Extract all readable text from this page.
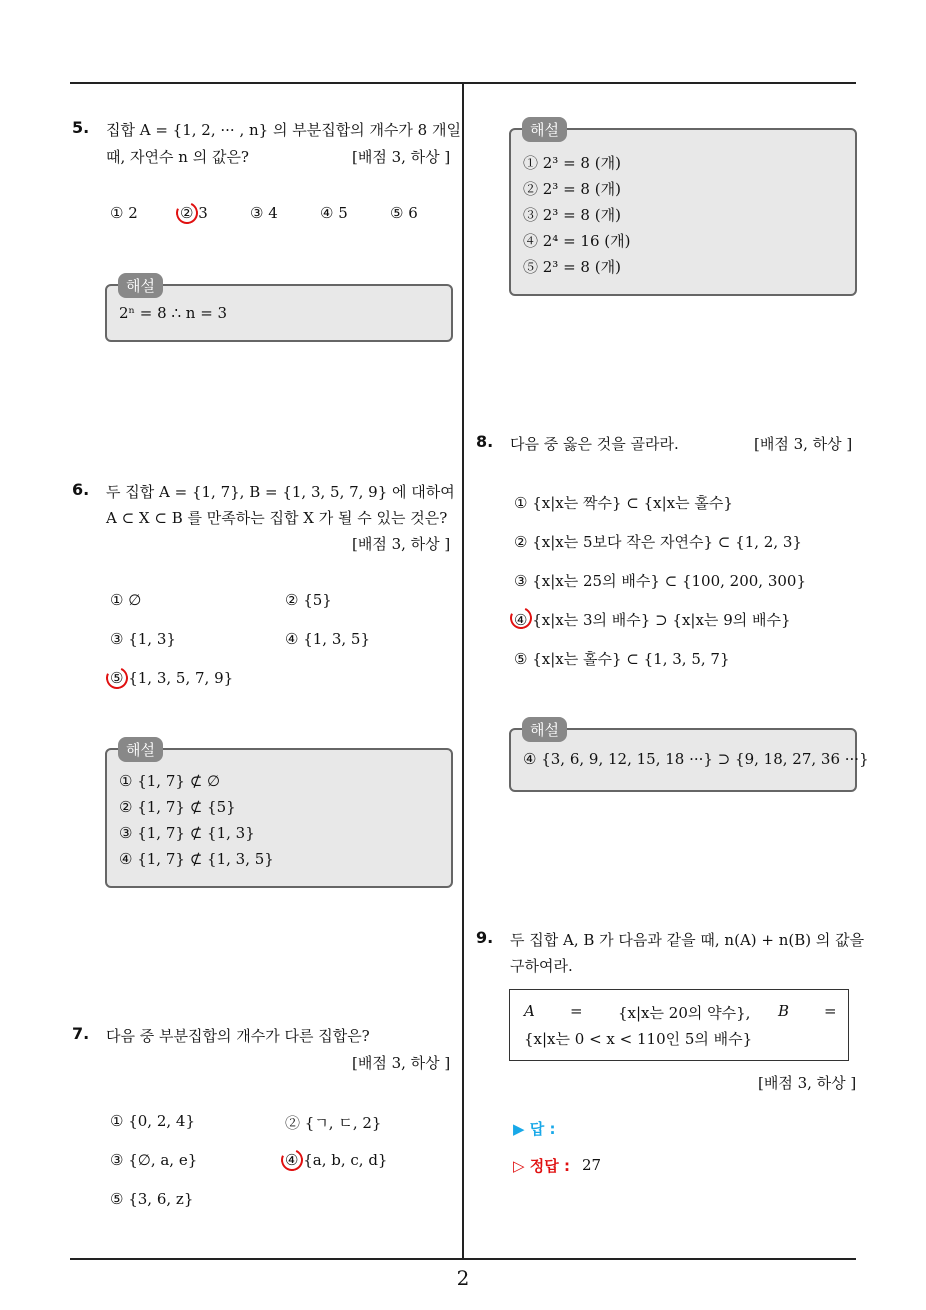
5. 집합 A = {1, 2, ··· , n} 의 부분집합의 개수가 8 개일
때, 자연수 n 의 값은?	[배점 3, 하상 ]
① 2	② 3	③ 4	④ 5	⑤ 6
2ⁿ = 8 ∴ n = 3
해설
6. 두 집합 A = {1, 7}, B = {1, 3, 5, 7, 9} 에 대하여
A ⊂ X ⊂ B 를 만족하는 집합 X 가 될 수 있는 것은?
[배점 3, 하상 ]
① ∅	② {5}
③ {1, 3}	④ {1, 3, 5}
⑤ {1, 3, 5, 7, 9}
① {1, 7} ⊄ ∅
② {1, 7} ⊄ {5}
③ {1, 7} ⊄ {1, 3}
④ {1, 7} ⊄ {1, 3, 5}
해설
7. 다음 중 부분집합의 개수가 다른 집합은?
[배점 3, 하상 ]
① {0, 2, 4}	② {ㄱ, ㄷ, 2}
③ {∅, a, e}	④ {a, b, c, d}
⑤ {3, 6, z}
① 2³ = 8 (개)
② 2³ = 8 (개)
③ 2³ = 8 (개)
④ 2⁴ = 16 (개)
⑤ 2³ = 8 (개)
해설
8. 다음 중 옳은 것을 골라라.	[배점 3, 하상 ]
① {x|x는 짝수} ⊂ {x|x는 홀수}
② {x|x는 5보다 작은 자연수} ⊂ {1, 2, 3}
③ {x|x는 25의 배수} ⊂ {100, 200, 300}
④ {x|x는 3의 배수} ⊃ {x|x는 9의 배수}
⑤ {x|x는 홀수} ⊂ {1, 3, 5, 7}
④ {3, 6, 9, 12, 15, 18 ···} ⊃ {9, 18, 27, 36 ···}
해설
9. 두 집합 A, B 가 다음과 같을 때, n(A) + n(B) 의 값을
구하여라.
A = {x|x는 20의 약수}, B =
{x|x는 0 < x < 110인 5의 배수}
[배점 3, 하상 ]
▶ 답 :
▷ 정답 : 27
2
